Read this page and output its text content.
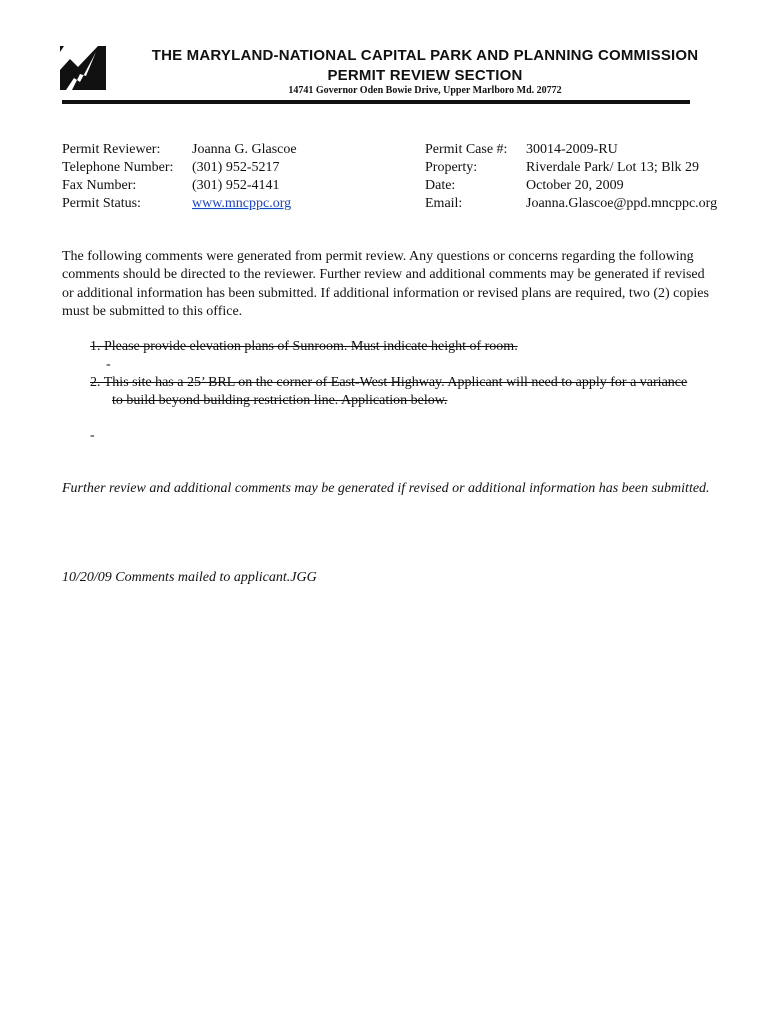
THE MARYLAND-NATIONAL CAPITAL PARK AND PLANNING COMMISSION
PERMIT REVIEW SECTION
14741 Governor Oden Bowie Drive, Upper Marlboro Md. 20772
Permit Reviewer:	Joanna G. Glascoe
Telephone Number:	(301) 952-5217
Fax Number:	(301) 952-4141
Permit Status:	www.mncppc.org
Permit Case #:	30014-2009-RU
Property:	Riverdale Park/ Lot 13; Blk 29
Date:	October 20, 2009
Email:	Joanna.Glascoe@ppd.mncppc.org
The following comments were generated from permit review. Any questions or concerns regarding the following comments should be directed to the reviewer. Further review and additional comments may be generated if revised or additional information has been submitted. If additional information or revised plans are required, two (2) copies must be submitted to this office.
1. Please provide elevation plans of Sunroom. Must indicate height of room.
-
2. This site has a 25’ BRL on the corner of East-West Highway. Applicant will need to apply for a variance
to build beyond building restriction line. Application below.
-
Further review and additional comments may be generated if revised or additional information has been submitted.
10/20/09 Comments mailed to applicant.JGG
